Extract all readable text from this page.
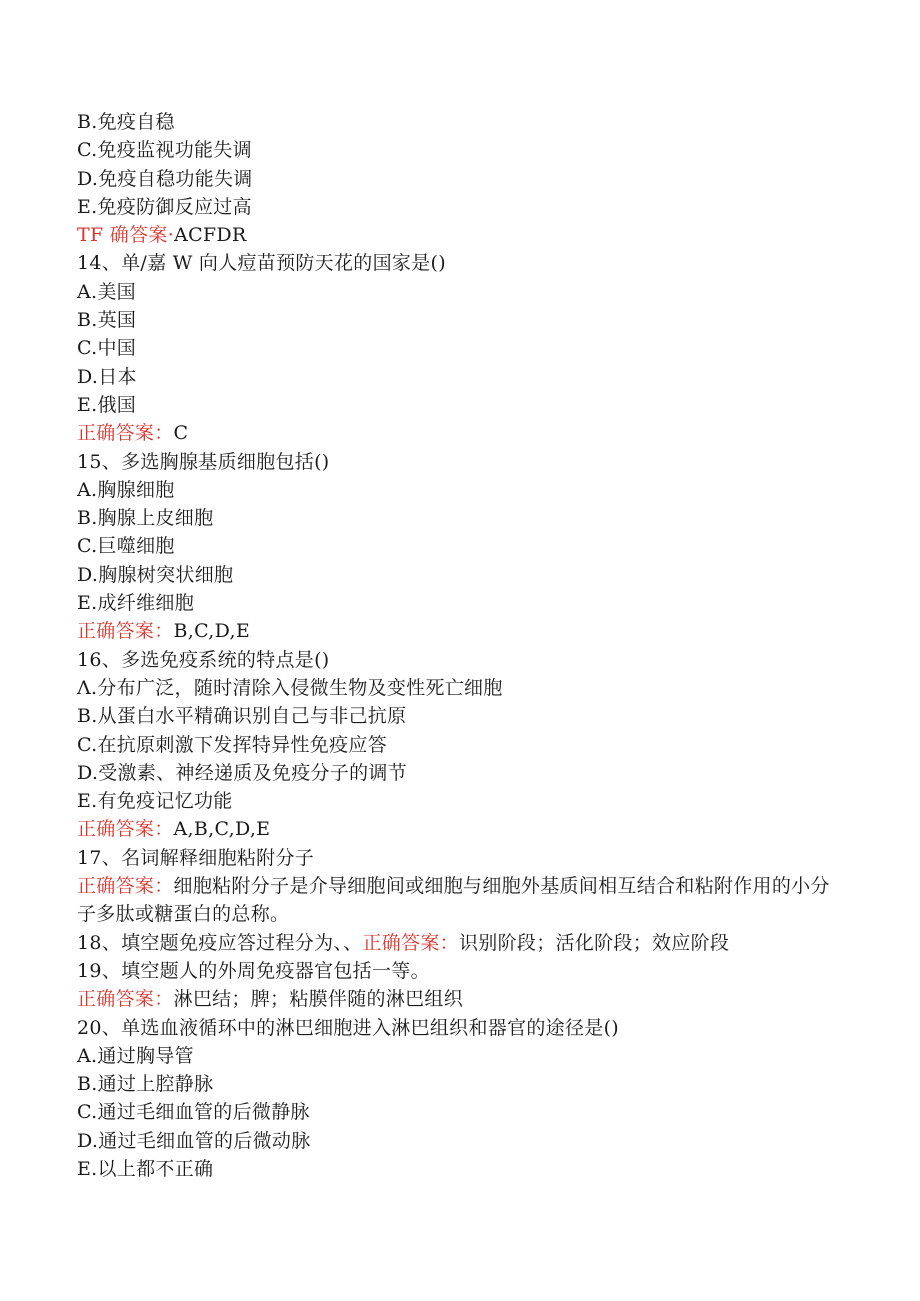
B.免疫自稳
C.免疫监视功能失调
D.免疫自稳功能失调
E.免疫防御反应过高
TF 确答案·ACFDR
14、单/嘉 W 向人痘苗预防天花的国家是()
A.美国
B.英国
C.中国
D.日本
E.俄国
正确答案：C
15、多选胸腺基质细胞包括()
A.胸腺细胞
B.胸腺上皮细胞
C.巨噬细胞
D.胸腺树突状细胞
E.成纤维细胞
正确答案：B,C,D,E
16、多选免疫系统的特点是()
Λ.分布广泛，随时清除入侵微生物及变性死亡细胞
B.从蛋白水平精确识别自己与非己抗原
C.在抗原刺激下发挥特异性免疫应答
D.受激素、神经递质及免疫分子的调节
E.有免疫记忆功能
正确答案：A,B,C,D,E
17、名词解释细胞粘附分子
正确答案：细胞粘附分子是介导细胞间或细胞与细胞外基质间相互结合和粘附作用的小分子多肽或糖蛋白的总称。
18、填空题免疫应答过程分为、、正确答案：识别阶段；活化阶段；效应阶段
19、填空题人的外周免疫器官包括一等。
正确答案：淋巴结；脾；粘膜伴随的淋巴组织
20、单选血液循环中的淋巴细胞进入淋巴组织和器官的途径是()
A.通过胸导管
B.通过上腔静脉
C.通过毛细血管的后微静脉
D.通过毛细血管的后微动脉
E.以上都不正确
